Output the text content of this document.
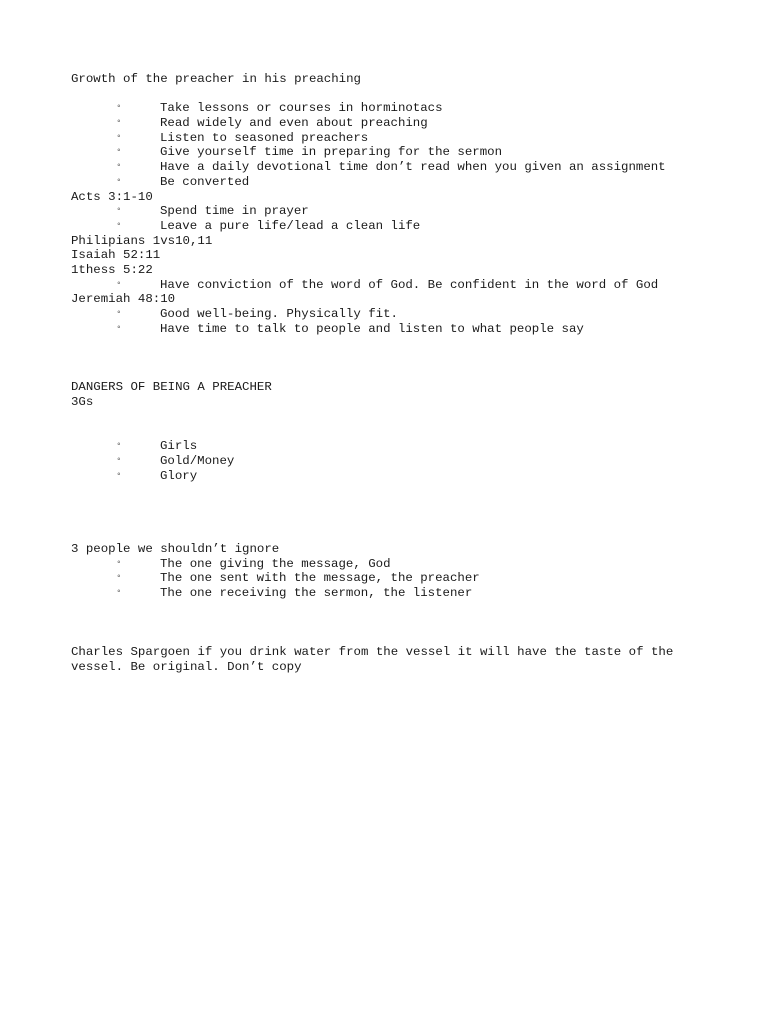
Growth of the preacher in his preaching
◦	Take lessons or courses in horminotacs
◦	Read widely and even about preaching
◦	Listen to seasoned preachers
◦	Give yourself time in preparing for the sermon
◦	Have a daily devotional time don’t read when you given an assignment
◦	Be converted
Acts 3:1-10
◦	Spend time in prayer
◦	Leave a pure life/lead a clean life
Philipians 1vs10,11
Isaiah 52:11
1thess 5:22
◦	Have conviction of the word of God. Be confident in the word of God
Jeremiah 48:10
◦	Good well-being. Physically fit.
◦	Have time to talk to people and listen to what people say
DANGERS OF BEING A PREACHER
3Gs
◦	Girls
◦	Gold/Money
◦	Glory
3 people we shouldn’t ignore
◦	The one giving the message, God
◦	The one sent with the message, the preacher
◦	The one receiving the sermon, the listener
Charles Spargoen if you drink water from the vessel it will have the taste of the vessel. Be original. Don’t copy
